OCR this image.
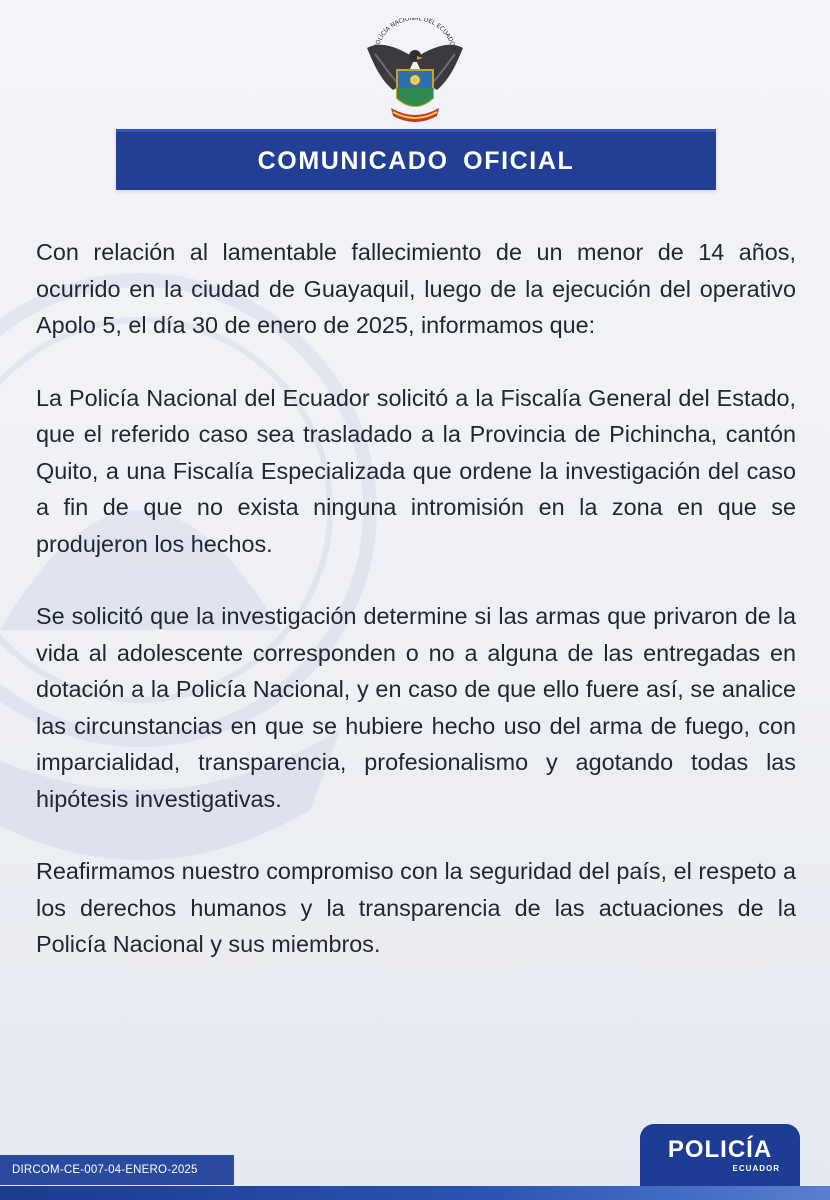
POLICÍA NACIONAL DEL ECUADOR
COMUNICADO OFICIAL

Con relación al lamentable fallecimiento de un menor de 14 años, ocurrido en la ciudad de Guayaquil, luego de la ejecución del operativo Apolo 5, el día 30 de enero de 2025, informamos que:

La Policía Nacional del Ecuador solicitó a la Fiscalía General del Estado, que el referido caso sea trasladado a la Provincia de Pichincha, cantón Quito, a una Fiscalía Especializada que ordene la investigación del caso a fin de que no exista ninguna intromisión en la zona en que se produjeron los hechos.

Se solicitó que la investigación determine si las armas que privaron de la vida al adolescente corresponden o no a alguna de las entregadas en dotación a la Policía Nacional, y en caso de que ello fuere así, se analice las circunstancias en que se hubiere hecho uso del arma de fuego, con imparcialidad, transparencia, profesionalismo y agotando todas las hipótesis investigativas.

Reafirmamos nuestro compromiso con la seguridad del país, el respeto a los derechos humanos y la transparencia de las actuaciones de la Policía Nacional y sus miembros.

DIRCOM-CE-007-04-ENERO-2025
POLICÍA
ECUADOR
